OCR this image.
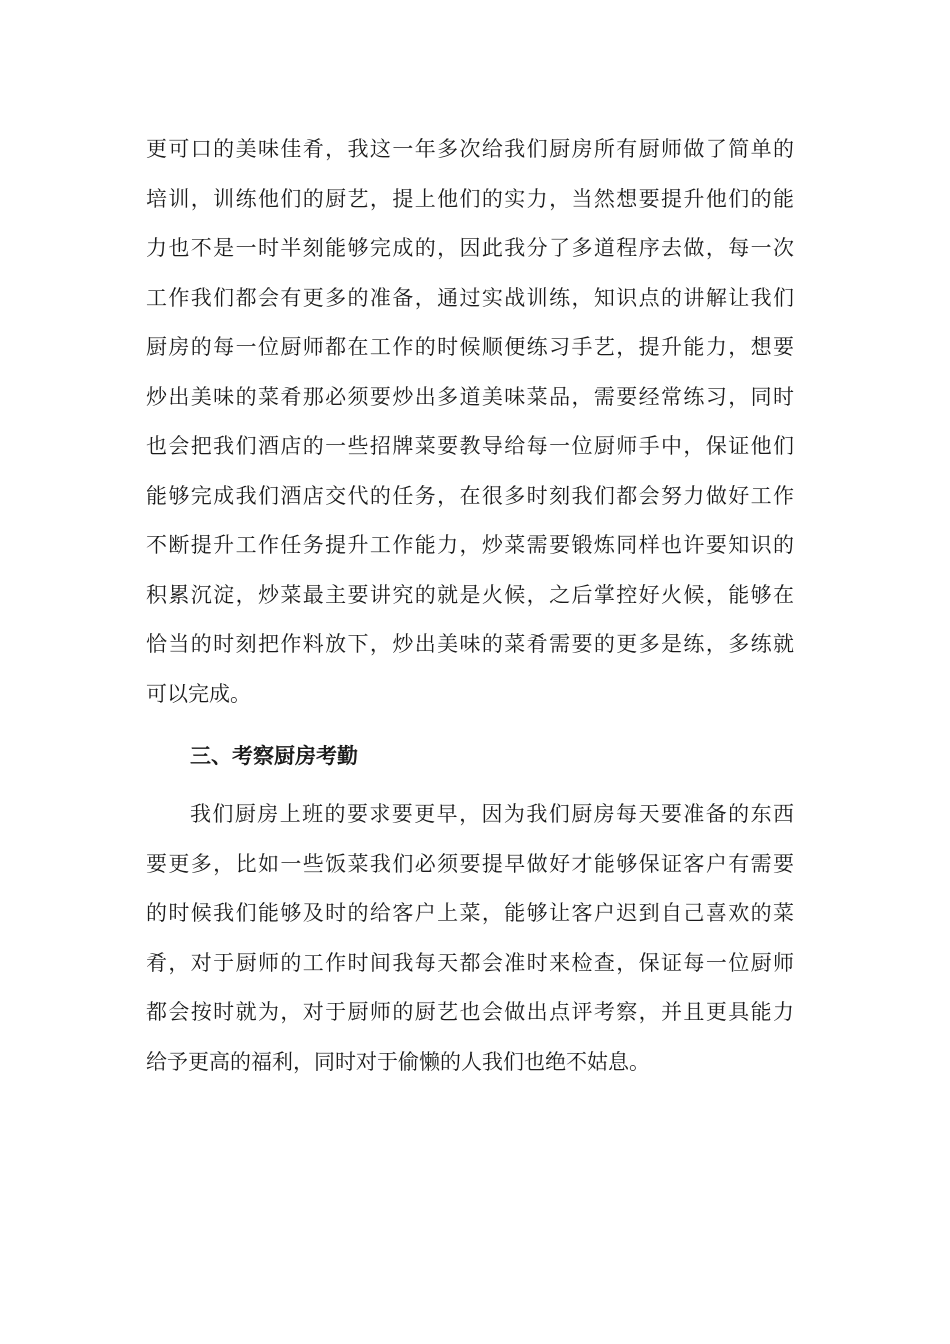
更可口的美味佳肴，我这一年多次给我们厨房所有厨师做了简单的
培训，训练他们的厨艺，提上他们的实力，当然想要提升他们的能
力也不是一时半刻能够完成的，因此我分了多道程序去做，每一次
工作我们都会有更多的准备，通过实战训练，知识点的讲解让我们
厨房的每一位厨师都在工作的时候顺便练习手艺，提升能力，想要
炒出美味的菜肴那必须要炒出多道美味菜品，需要经常练习，同时
也会把我们酒店的一些招牌菜要教导给每一位厨师手中，保证他们
能够完成我们酒店交代的任务，在很多时刻我们都会努力做好工作
不断提升工作任务提升工作能力，炒菜需要锻炼同样也许要知识的
积累沉淀，炒菜最主要讲究的就是火候，之后掌控好火候，能够在
恰当的时刻把作料放下，炒出美味的菜肴需要的更多是练，多练就
可以完成。
三、考察厨房考勤
我们厨房上班的要求要更早，因为我们厨房每天要准备的东西
要更多，比如一些饭菜我们必须要提早做好才能够保证客户有需要
的时候我们能够及时的给客户上菜，能够让客户迟到自己喜欢的菜
肴，对于厨师的工作时间我每天都会准时来检查，保证每一位厨师
都会按时就为，对于厨师的厨艺也会做出点评考察，并且更具能力
给予更高的福利，同时对于偷懒的人我们也绝不姑息。
